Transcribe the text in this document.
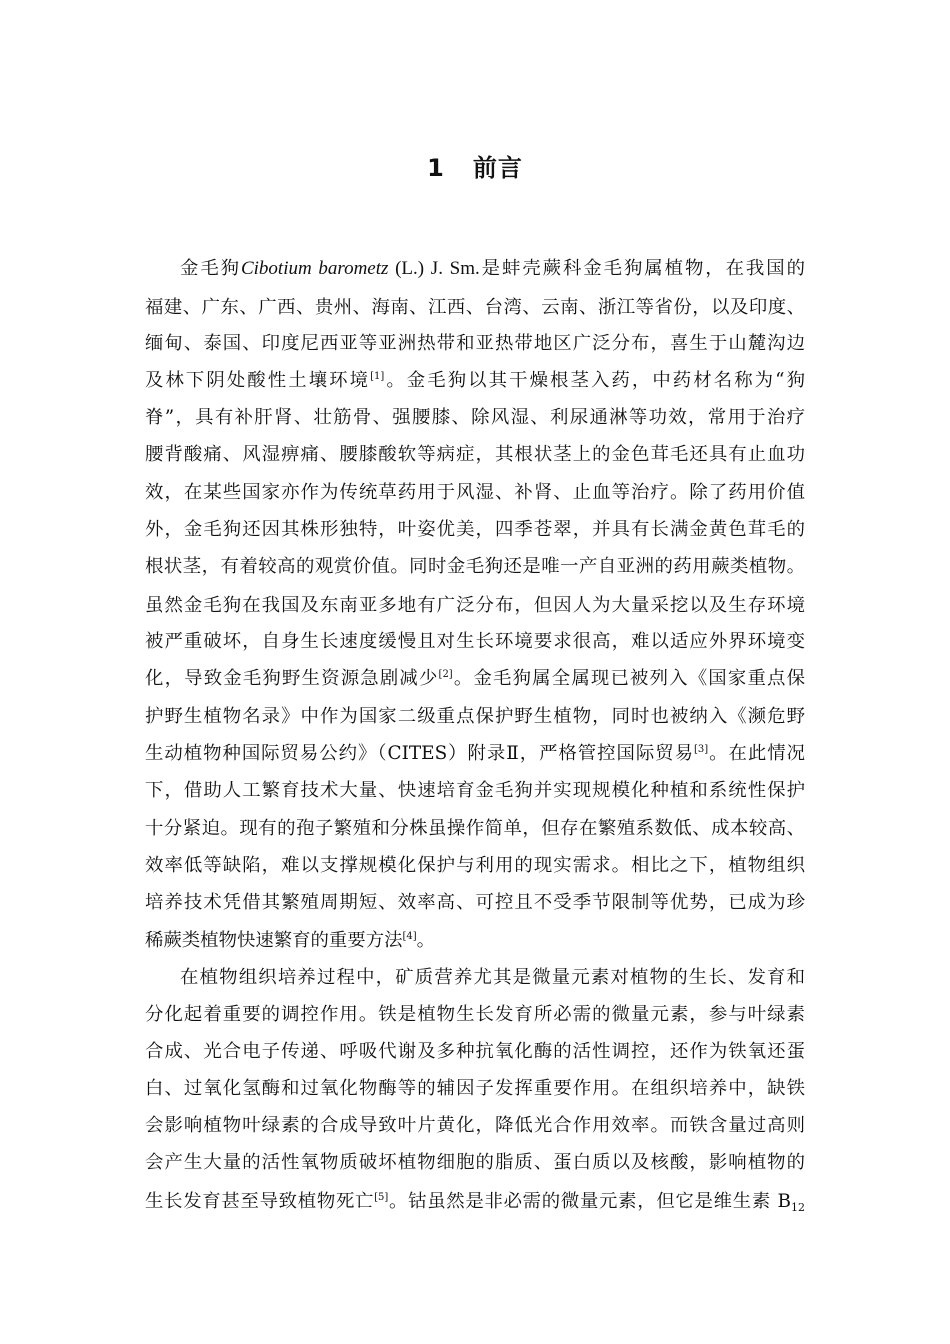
1 前言
金毛狗Cibotium barometz (L.) J. Sm.是蚌壳蕨科金毛狗属植物，在我国的
福建、广东、广西、贵州、海南、江西、台湾、云南、浙江等省份，以及印度、
缅甸、泰国、印度尼西亚等亚洲热带和亚热带地区广泛分布，喜生于山麓沟边
及林下阴处酸性土壤环境[1]。金毛狗以其干燥根茎入药，中药材名称为“狗
脊”，具有补肝肾、壮筋骨、强腰膝、除风湿、利尿通淋等功效，常用于治疗
腰背酸痛、风湿痹痛、腰膝酸软等病症，其根状茎上的金色茸毛还具有止血功
效，在某些国家亦作为传统草药用于风湿、补肾、止血等治疗。除了药用价值
外，金毛狗还因其株形独特，叶姿优美，四季苍翠，并具有长满金黄色茸毛的
根状茎，有着较高的观赏价值。同时金毛狗还是唯一产自亚洲的药用蕨类植物。
虽然金毛狗在我国及东南亚多地有广泛分布，但因人为大量采挖以及生存环境
被严重破坏，自身生长速度缓慢且对生长环境要求很高，难以适应外界环境变
化，导致金毛狗野生资源急剧减少[2]。金毛狗属全属现已被列入《国家重点保
护野生植物名录》中作为国家二级重点保护野生植物，同时也被纳入《濒危野
生动植物种国际贸易公约》（CITES）附录Ⅱ，严格管控国际贸易[3]。在此情况
下，借助人工繁育技术大量、快速培育金毛狗并实现规模化种植和系统性保护
十分紧迫。现有的孢子繁殖和分株虽操作简单，但存在繁殖系数低、成本较高、
效率低等缺陷，难以支撑规模化保护与利用的现实需求。相比之下，植物组织
培养技术凭借其繁殖周期短、效率高、可控且不受季节限制等优势，已成为珍
稀蕨类植物快速繁育的重要方法[4]。
在植物组织培养过程中，矿质营养尤其是微量元素对植物的生长、发育和
分化起着重要的调控作用。铁是植物生长发育所必需的微量元素，参与叶绿素
合成、光合电子传递、呼吸代谢及多种抗氧化酶的活性调控，还作为铁氧还蛋
白、过氧化氢酶和过氧化物酶等的辅因子发挥重要作用。在组织培养中，缺铁
会影响植物叶绿素的合成导致叶片黄化，降低光合作用效率。而铁含量过高则
会产生大量的活性氧物质破坏植物细胞的脂质、蛋白质以及核酸，影响植物的
生长发育甚至导致植物死亡[5]。钴虽然是非必需的微量元素，但它是维生素 $B_{12}$
